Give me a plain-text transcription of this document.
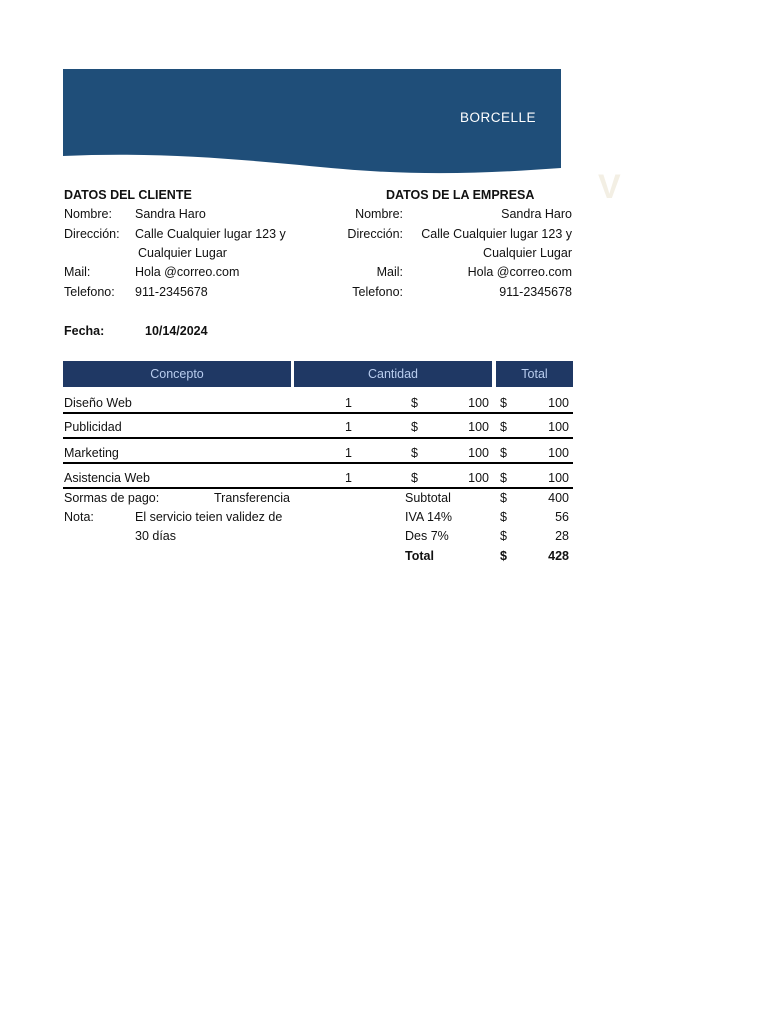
BORCELLE
V
DATOS DEL CLIENTE
Nombre: Sandra Haro
Dirección: Calle Cualquier lugar 123 y
Cualquier Lugar
Mail:	Hola @correo.com
Telefono: 911-2345678
DATOS DE LA EMPRESA
Nombre:	Sandra Haro
Dirección:	Calle Cualquier lugar 123 y
Cualquier Lugar
Mail:	Hola @correo.com
Telefono:	911-2345678
Fecha:	10/14/2024
Concepto	Cantidad	Total
Diseño Web	1	$	100 $	100
Publicidad	1	$	100 $	100
Marketing	1	$	100 $	100
Asistencia Web	1	$	100 $	100
Sormas de pago:	Transferencia
Nota:	El servicio teien validez de
30 días
Subtotal	$	400
IVA 14%	$	56
Des 7%	$	28
Total	$	428
